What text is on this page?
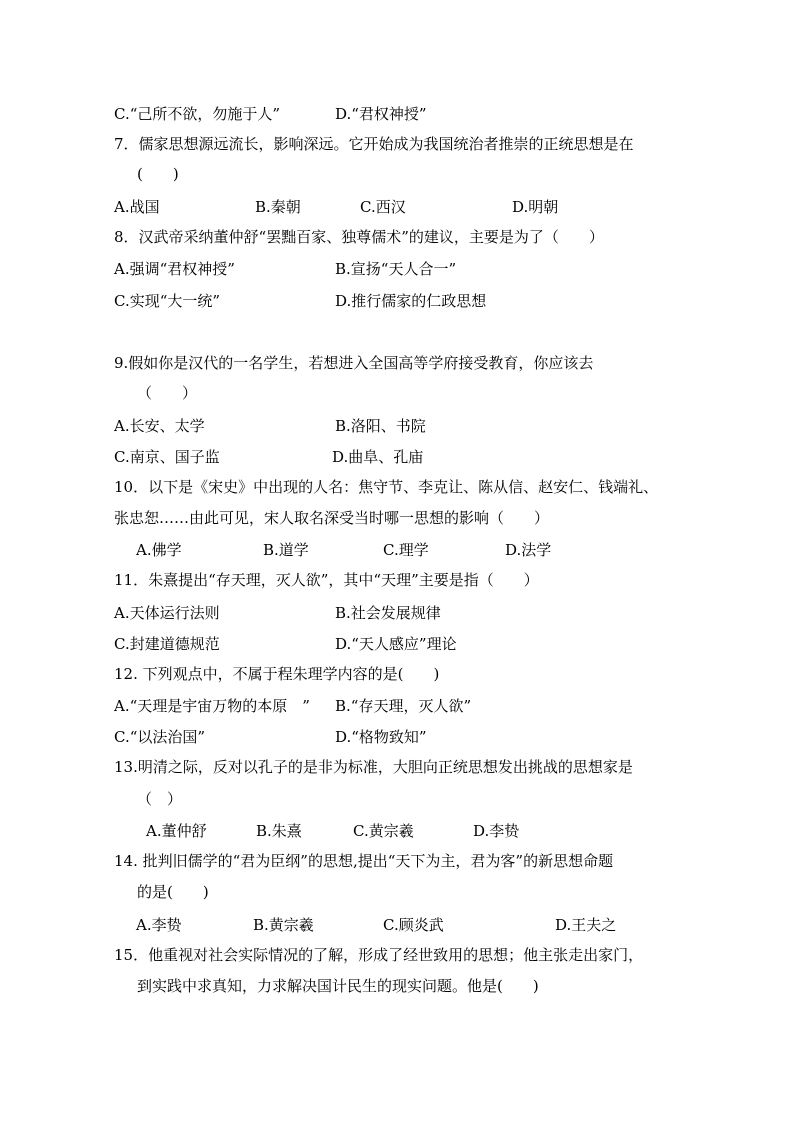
C.“己所不欲，勿施于人”	D.“君权神授”
7．儒家思想源远流长，影响深远。它开始成为我国统治者推崇的正统思想是在
(　　)
A.战国	B.秦朝	C.西汉	D.明朝
8．汉武帝采纳董仲舒“罢黜百家、独尊儒术”的建议，主要是为了（　　）
A.强调“君权神授”	B.宣扬“天人合一”
C.实现“大一统”	D.推行儒家的仁政思想
9.假如你是汉代的一名学生，若想进入全国高等学府接受教育，你应该去
（　　）
A.长安、太学	B.洛阳、书院
C.南京、国子监	D.曲阜、孔庙
10．以下是《宋史》中出现的人名：焦守节、李克让、陈从信、赵安仁、钱端礼、
张忠恕……由此可见，宋人取名深受当时哪一思想的影响（　　）
A.佛学	B.道学	C.理学	D.法学
11．朱熹提出“存天理，灭人欲”，其中“天理”主要是指（　　）
A.天体运行法则	B.社会发展规律
C.封建道德规范	D.“天人感应”理论
12. 下列观点中，不属于程朱理学内容的是(　　)
A.“天理是宇宙万物的本原　” B.“存天理，灭人欲”
C.“以法治国”	D.“格物致知”
13.明清之际，反对以孔子的是非为标准，大胆向正统思想发出挑战的思想家是
（　）
A.董仲舒	B.朱熹	C.黄宗羲	D.李贽
14. 批判旧儒学的“君为臣纲”的思想,提出“天下为主，君为客”的新思想命题
的是(　　)
A.李贽	B.黄宗羲	C.顾炎武	D.王夫之
15．他重视对社会实际情况的了解，形成了经世致用的思想；他主张走出家门，
到实践中求真知，力求解决国计民生的现实问题。他是(　　)
